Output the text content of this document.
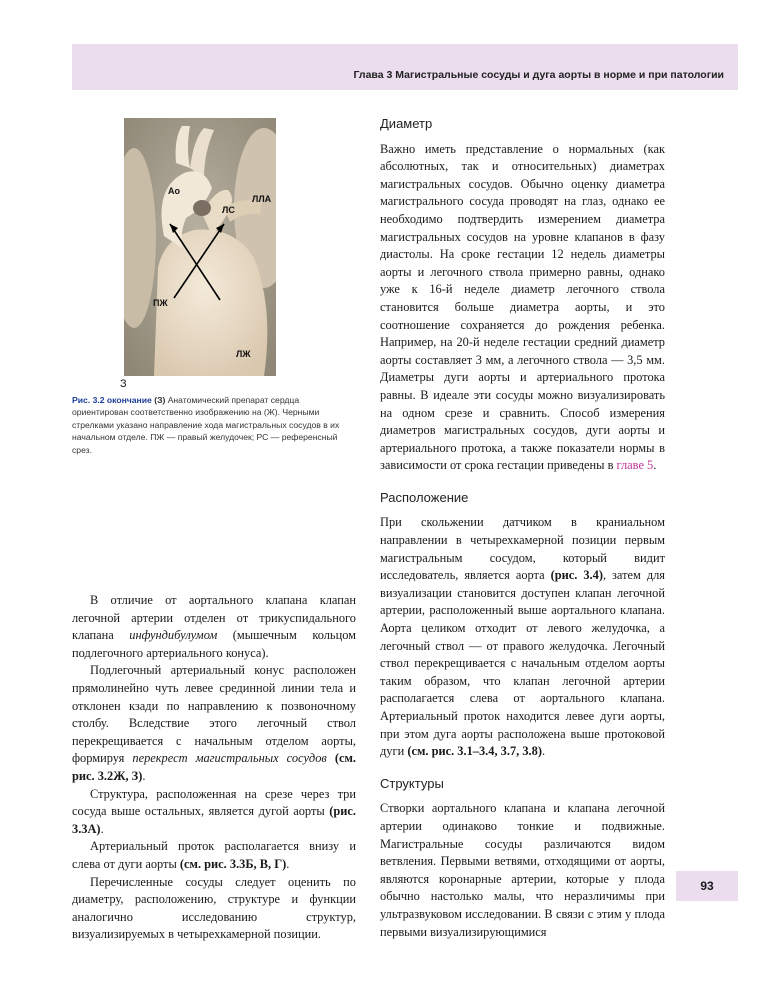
Глава 3 Магистральные сосуды и дуга аорты в норме и при патологии
Ао
ЛС
ЛЛА
ПЖ
ЛЖ
З
Рис. 3.2 окончание (З) Анатомический препарат сердца ориентирован соответственно изображению на (Ж). Черными стрелками указано направление хода магистральных сосудов в их начальном отделе. ПЖ — правый желудочек; РС — референсный срез.

В отличие от аортального клапана клапан легочной артерии отделен от трикуспидального клапана инфундибулумом (мышечным кольцом подлегочного артериального конуса).

Подлегочный артериальный конус расположен прямолинейно чуть левее срединной линии тела и отклонен кзади по направлению к позвоночному столбу. Вследствие этого легочный ствол перекрещивается с начальным отделом аорты, формируя перекрест магистральных сосудов (см. рис. 3.2Ж, З).

Структура, расположенная на срезе через три сосуда выше остальных, является дугой аорты (рис. 3.3А).

Артериальный проток располагается внизу и слева от дуги аорты (см. рис. 3.3Б, В, Г).

Перечисленные сосуды следует оценить по диаметру, расположению, структуре и функции аналогично исследованию структур, визуализируемых в четырехкамерной позиции.

Диаметр

Важно иметь представление о нормальных (как абсолютных, так и относительных) диаметрах магистральных сосудов. Обычно оценку диаметра магистрального сосуда проводят на глаз, однако ее необходимо подтвердить измерением диаметра магистральных сосудов на уровне клапанов в фазу диастолы. На сроке гестации 12 недель диаметры аорты и легочного ствола примерно равны, однако уже к 16-й неделе диаметр легочного ствола становится больше диаметра аорты, и это соотношение сохраняется до рождения ребенка. Например, на 20-й неделе гестации средний диаметр аорты составляет 3 мм, а легочного ствола — 3,5 мм. Диаметры дуги аорты и артериального протока равны. В идеале эти сосуды можно визуализировать на одном срезе и сравнить. Способ измерения диаметров магистральных сосудов, дуги аорты и артериального протока, а также показатели нормы в зависимости от срока гестации приведены в главе 5.

Расположение

При скольжении датчиком в краниальном направлении в четырехкамерной позиции первым магистральным сосудом, который видит исследователь, является аорта (рис. 3.4), затем для визуализации становится доступен клапан легочной артерии, расположенный выше аортального клапана. Аорта целиком отходит от левого желудочка, а легочный ствол — от правого желудочка. Легочный ствол перекрещивается с начальным отделом аорты таким образом, что клапан легочной артерии располагается слева от аортального клапана. Артериальный проток находится левее дуги аорты, при этом дуга аорты расположена выше протоковой дуги (см. рис. 3.1–3.4, 3.7, 3.8).

Структуры

Створки аортального клапана и клапана легочной артерии одинаково тонкие и подвижные. Магистральные сосуды различаются видом ветвления. Первыми ветвями, отходящими от аорты, являются коронарные артерии, которые у плода обычно настолько малы, что неразличимы при ультразвуковом исследовании. В связи с этим у плода первыми визуализирующимися

93
